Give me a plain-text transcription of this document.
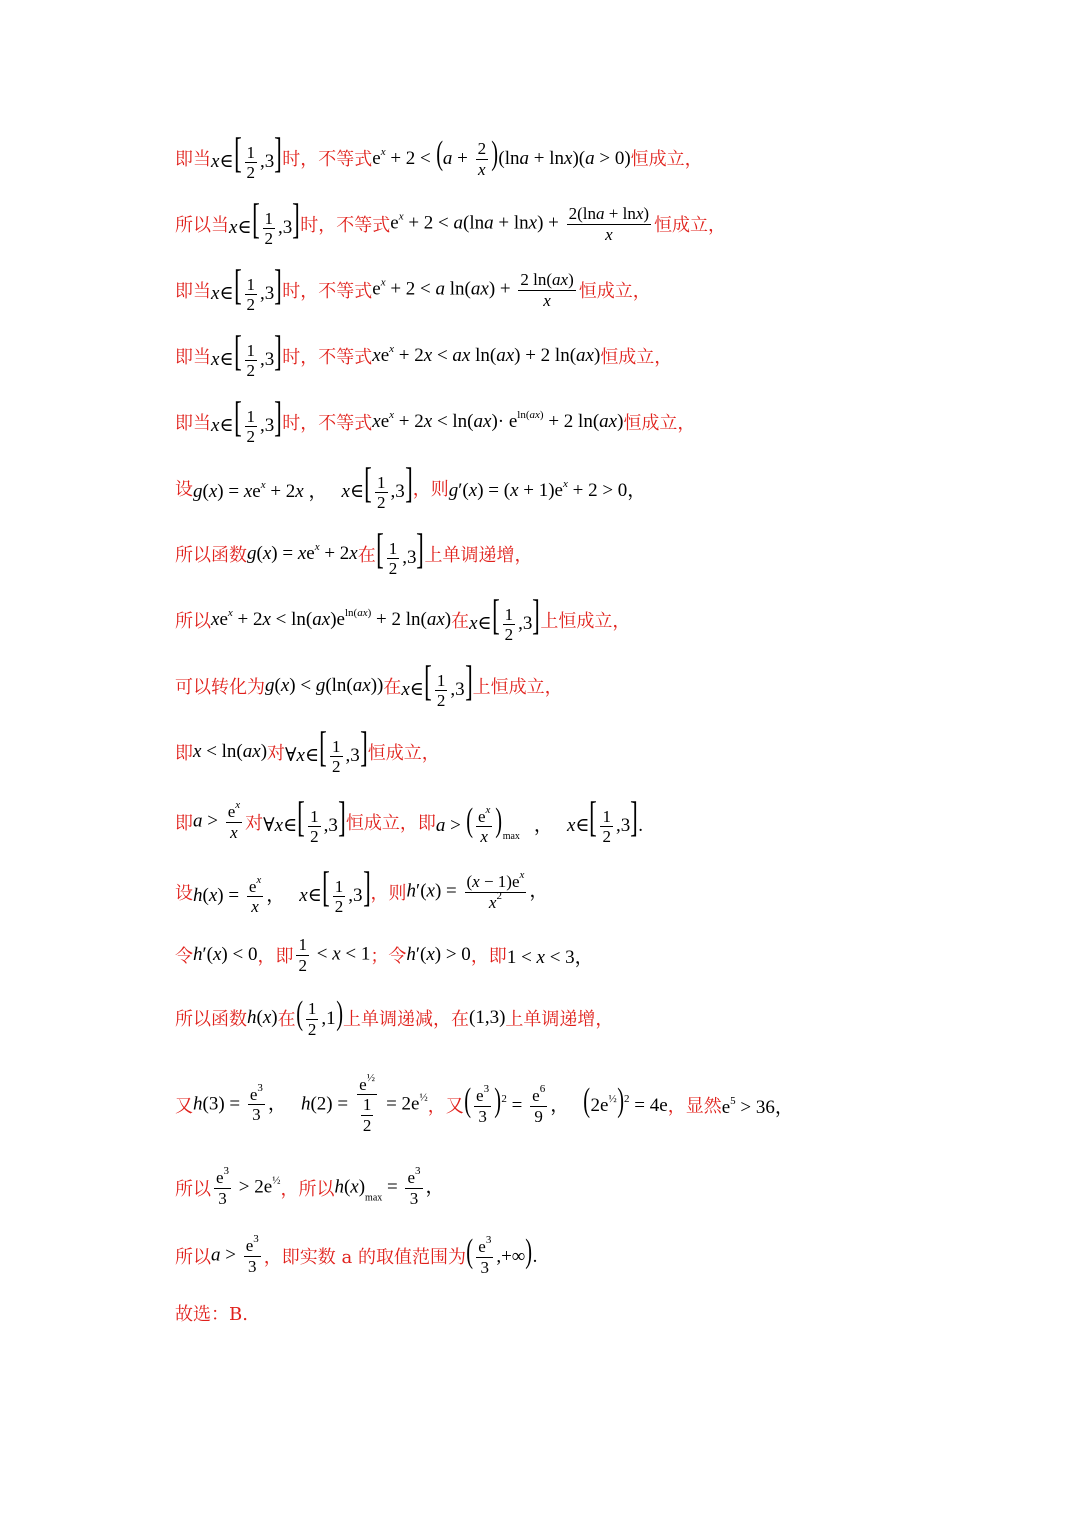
即当 x∈[ $\frac{1}{2} ,3$] 时，不等式 $e^x + 2 < (a + \frac{2}{x} )(\ln a + \ln x)(a > 0)$ 恒成立，
所以当 x∈[ $\frac{1}{2} ,3$] 时，不等式 $e^x + 2 < a(\ln a + \ln x) + \frac{2(\ln a + \ln x)}{x}$ 恒成立，
即当 x∈[ $\frac{1}{2} ,3$] 时，不等式 $e^x + 2 < a$ $\ln(ax) + \frac{2 \ln(ax)}{x}$ 恒成立，
即当 x∈[ $\frac{1}{2} ,3$] 时，不等式 $xe^x + 2x$ < ax ln(ax) + 2 ln(ax) 恒成立，
即当 x∈[ $\frac{1}{2} ,3$] 时，不等式 $xe^x + 2x < \ln(ax)\cdot e^{ln(ax)} + 2$ ln(ax) 恒成立，
设 $g(x) = xe^x + 2x$ ， x∈[ $\frac{1}{2} ,3$] ，则 $g'(x) = (x + 1)e^x + 2 > 0$，
所以函数 $g(x) = xe^x + 2x$ 在 [ $\frac{1}{2} ,3$] 上单调递增，
所以 $xe^x + 2x < \ln(ax)e^{ln(ax)} + 2$ ln(ax) 在 x∈[ $\frac{1}{2} ,3$] 上恒成立，
可以转化为 g(x) < g(ln(ax)) 在 x∈[ $\frac{1}{2} ,3$] 上恒成立，
即 x < ln(ax) 对 ∀x∈[ $\frac{1}{2} ,3$] 恒成立，
即 $a > \frac{e^x}{x}$ 对 ∀x∈[ $\frac{1}{2} ,3$] 恒成立，即 a > ( $\frac{e^x}{x} )_{max}$， x∈[ $\frac{1}{2} ,3$].
设 $h(x) = \frac{e^x}{x}$ ， x∈[ $\frac{1}{2} ,3$] ，则 $h'(x) = \frac{(x - 1)e^x}{x^2}$ ，
令 h′(x) < 0 ，即 $\frac{1}{2} < x < 1$ ；令 h′(x) > 0 ，即 1 < x < 3，
所以函数 h(x) 在 ( $\frac{1}{2} ,1$) 上单调递减，在 (1,3) 上单调递增，
又 $h(3) = \frac{e^3}{3}$ ， $h(2) = \frac{e^{\frac{1}{2}}}{\frac{1}{2}} = 2e^{\frac{1}{2}}$ ，又 ( $\frac{e^3}{3} )^2 = \frac{e^6}{9}$ ， $(2e^{\frac{1}{2}})^2 = 4e$ ，显然 $e^5 > 36$，
所以 $\frac{e^3}{3} > 2e^{\frac{1}{2}}$ ，所以 $h(x)_{max} = \frac{e^3}{3}$ ，
所以 $a > \frac{e^3}{3}$ ，即实数 a 的取值范围为 ( $\frac{e^3}{3}$ ,+∞).
故选：B.
